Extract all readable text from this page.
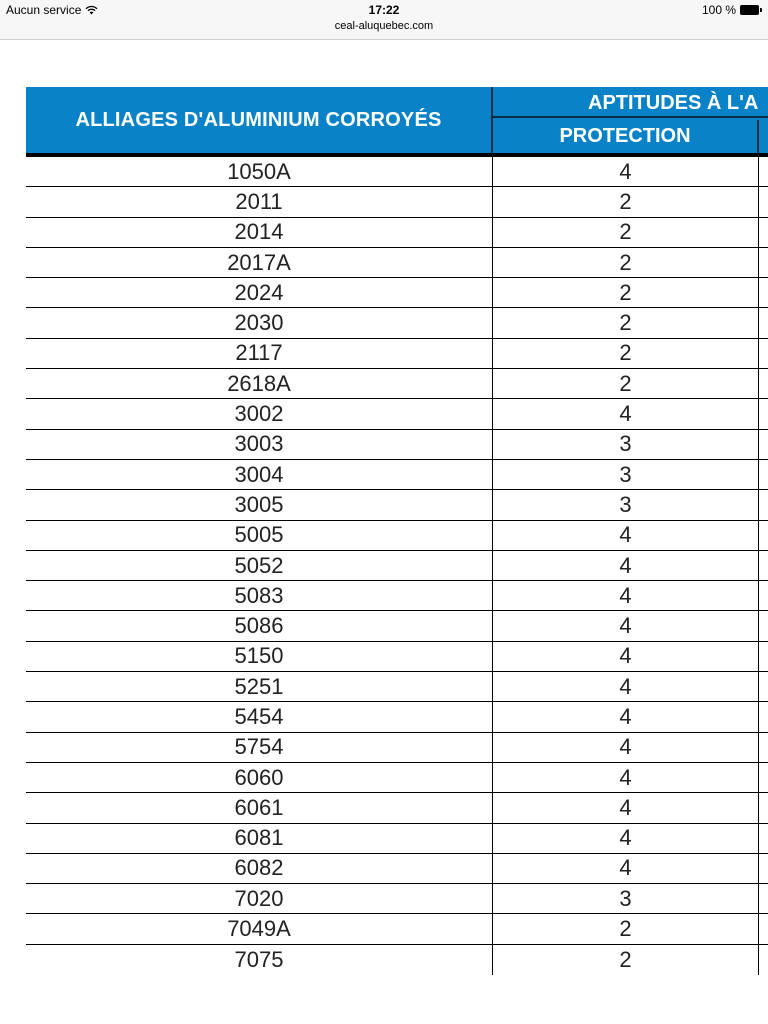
Aucun service	17:22	100 %
ceal-aluquebec.com
ALLIAGES D'ALUMINIUM CORROYÉS
APTITUDES À L'A
PROTECTION
1050A	4
2011	2
2014	2
2017A	2
2024	2
2030	2
2117	2
2618A	2
3002	4
3003	3
3004	3
3005	3
5005	4
5052	4
5083	4
5086	4
5150	4
5251	4
5454	4
5754	4
6060	4
6061	4
6081	4
6082	4
7020	3
7049A	2
7075	2
